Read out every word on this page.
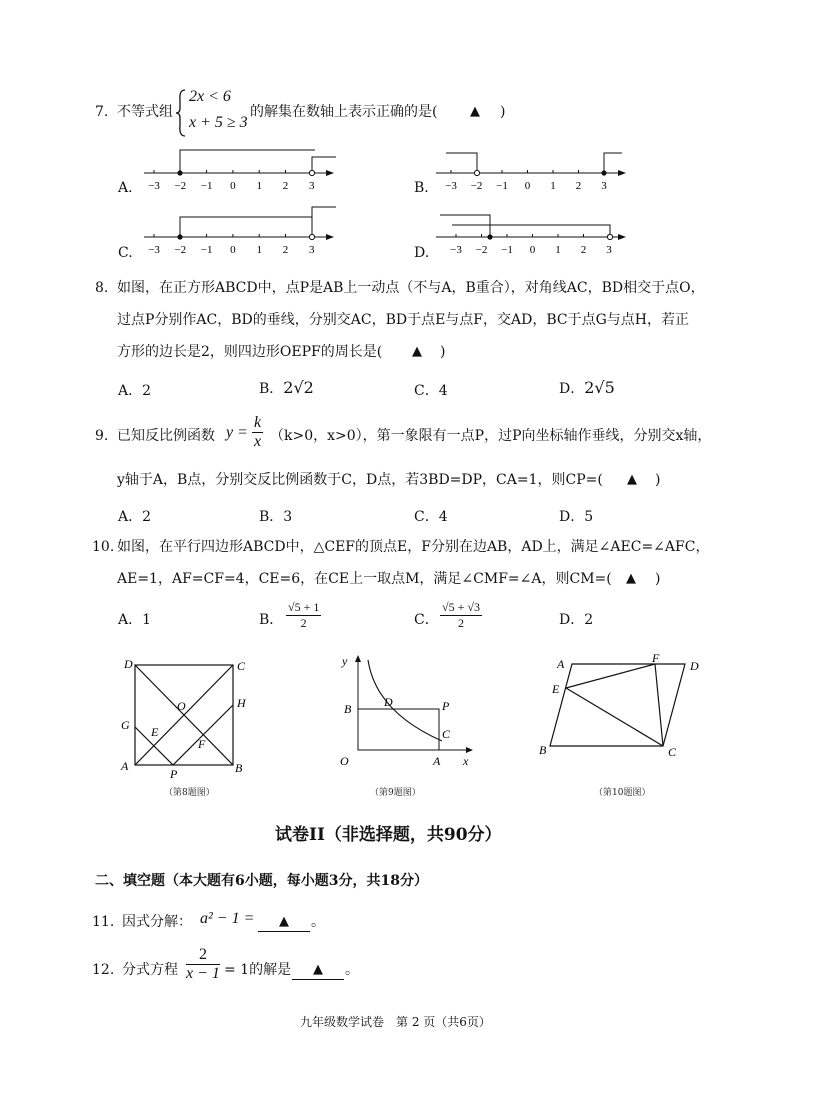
7. 不等式组
2x < 6
x + 5 ≥ 3
的解集在数轴上表示正确的是(	▲ )
A. −3 −2 −1 0 1 2 3	B. −3 −2 −1 0 1 2 3
C. −3 −2 −1 0 1 2 3	D. −3 −2 −1 0 1 2 3
8. 如图，在正方形ABCD中，点P是AB上一动点（不与A，B重合），对角线AC，BD相交于点O，
过点P分别作AC，BD的垂线，分别交AC，BD于点E与点F，交AD，BC于点G与点H，若正
方形的边长是2，则四边形OEPF的周长是( ▲ )
A．2	B．2√2	C．4	D．2√5
9. 已知反比例函数 $y = \frac{k}{x} (k>0$，x>0），第一象限有一点P，过P向坐标轴作垂线，分别交x轴，
y轴于A，B点，分别交反比例函数于C，D点，若3BD=DP，CA=1，则CP=( ▲ )
A．2	B．3	C．4	D．5
10. 如图，在平行四边形ABCD中，△CEF的顶点E，F分别在边AB，AD上，满足∠AEC=∠AFC，
AE=1，AF=CF=4，CE=6，在CE上一取点M，满足∠CMF=∠A，则CM=( ▲ )
A．1	B． $\frac{√5 + 1}{2}$	C． $\frac{√5 + √3}{2}$	D．2
D	C
H
G
O
E
F
A
P	B
（第8题图）
y
B	D	P
C
O	A x
（第9题图）
A	F
D
E
B	C
（第10题图）
试卷II（非选择题，共90分）
二、填空题（本大题有6小题，每小题3分，共18分）
11. 因式分解： a² − 1 =	▲	。
12. 分式方程 $\frac{2}{x - 1} = 1$的解是	▲	。
九年级数学试卷　第 2 页（共6页）
